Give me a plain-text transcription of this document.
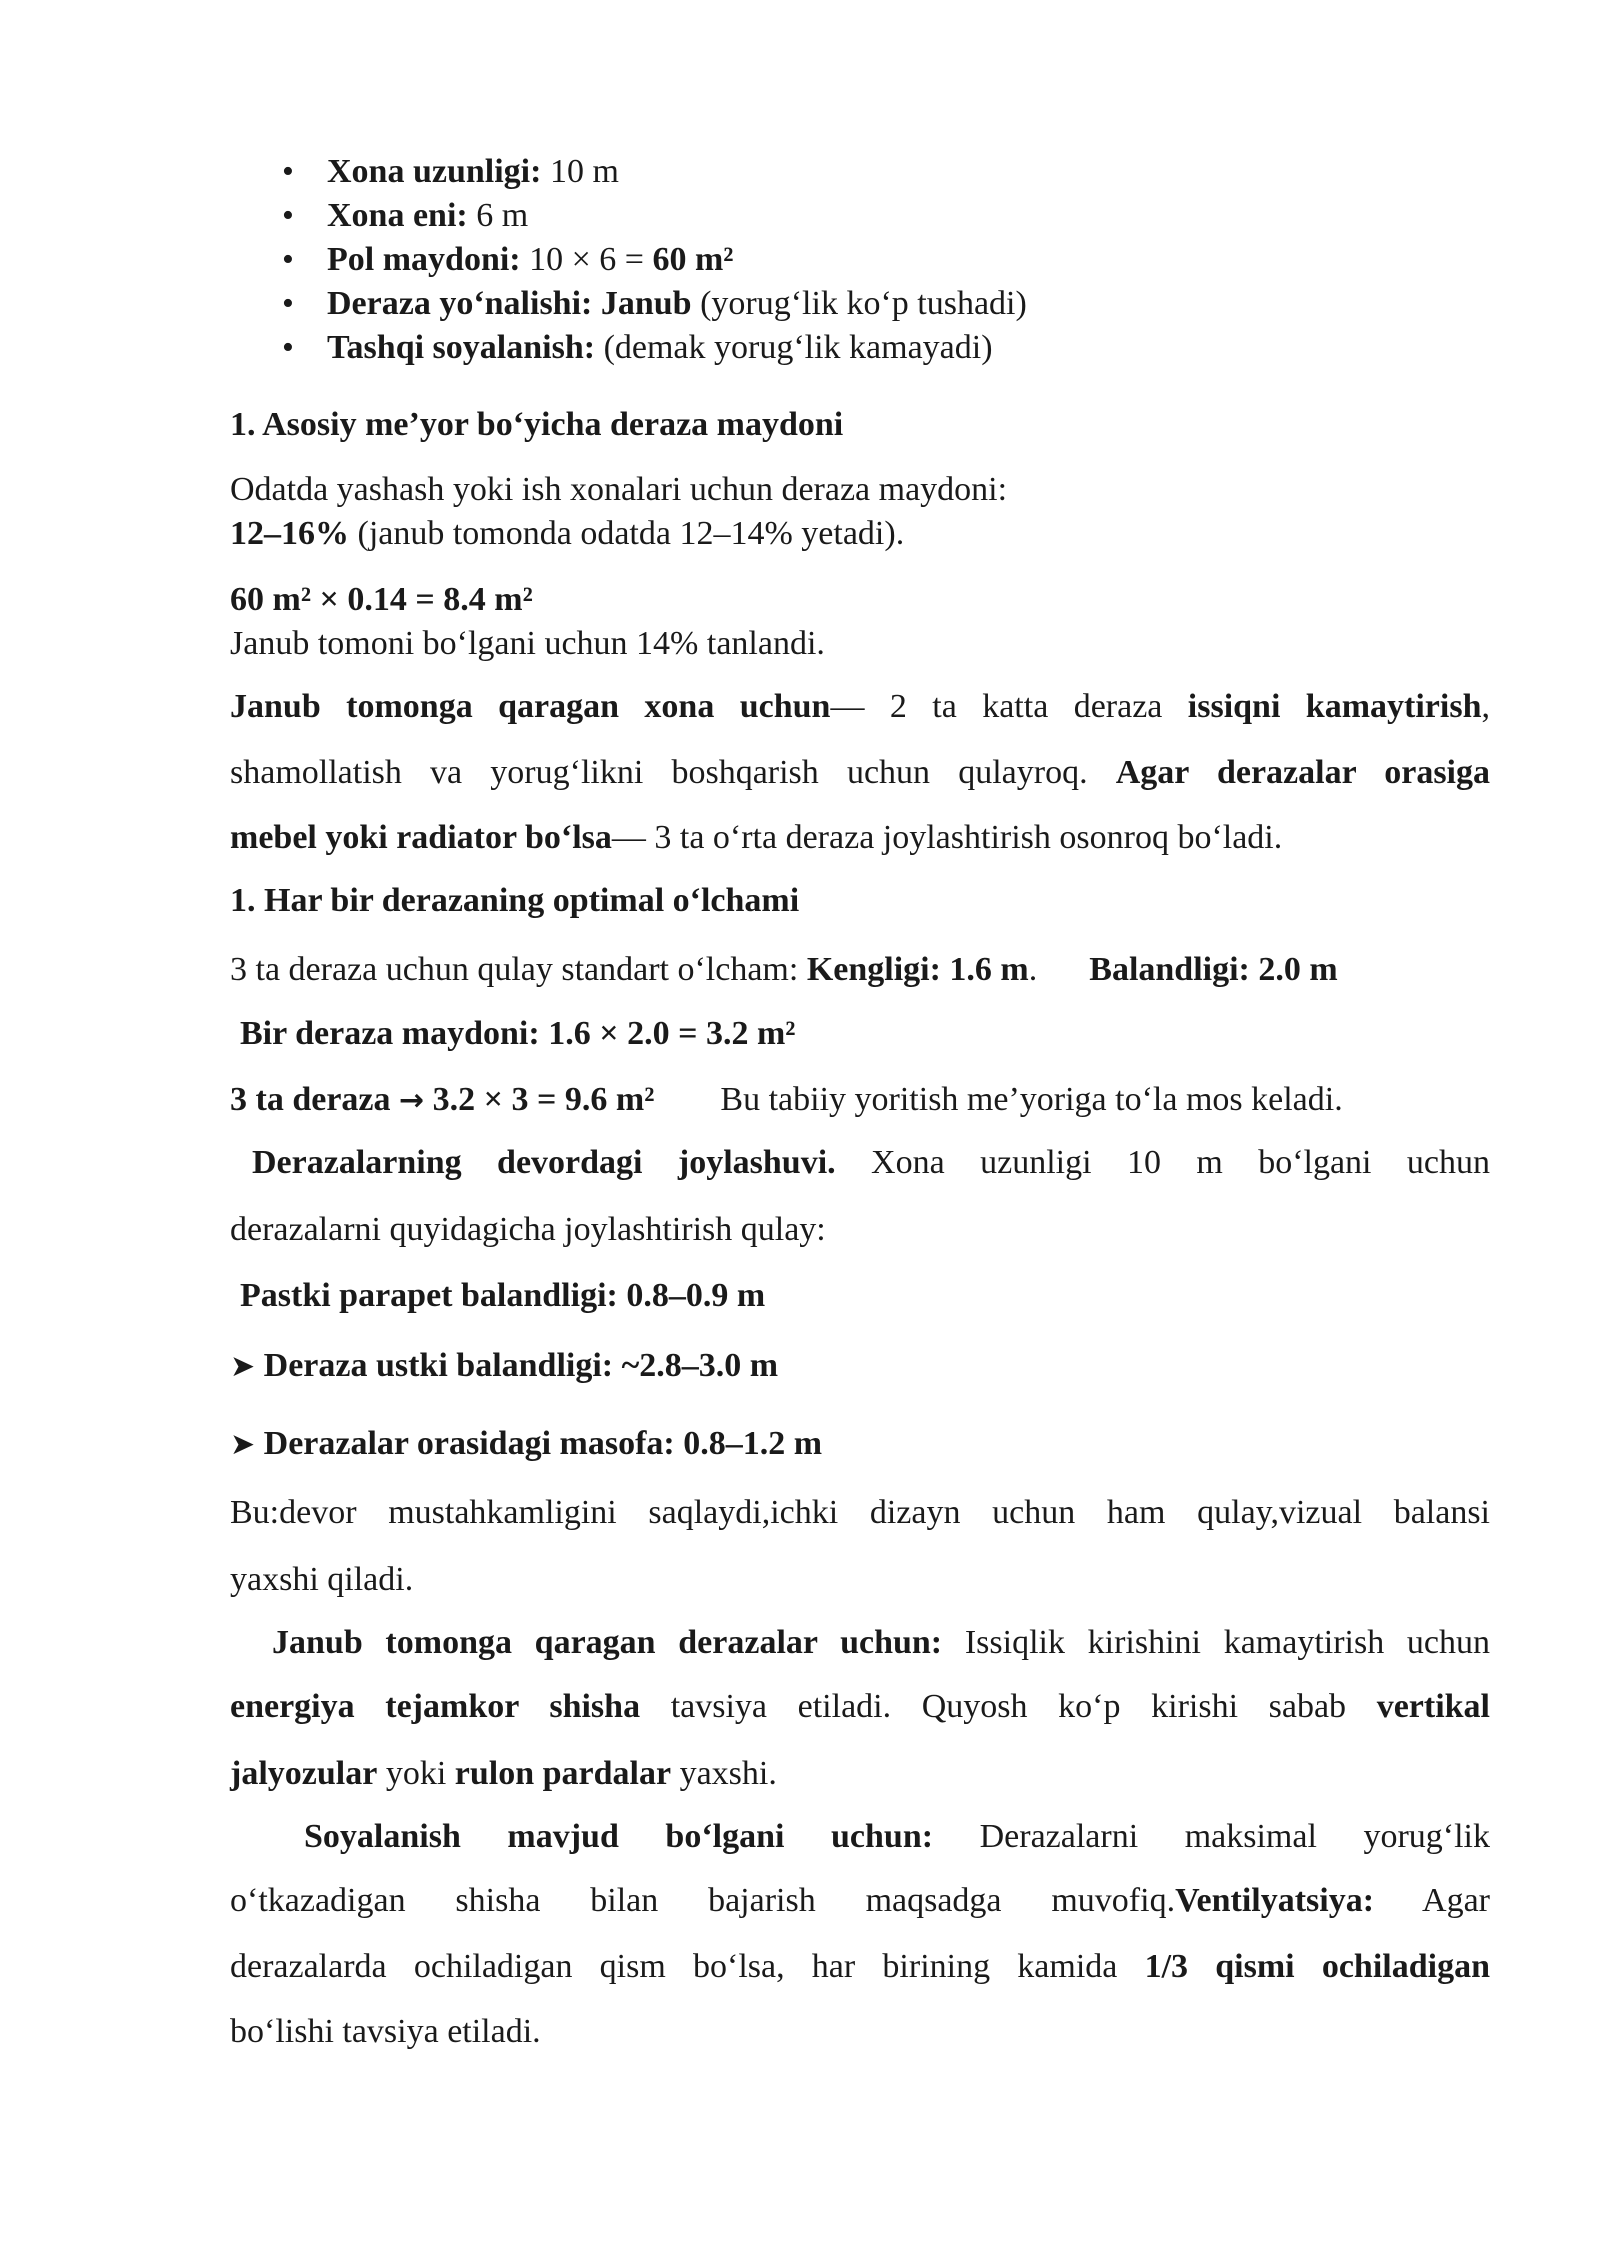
• Xona uzunligi: 10 m
• Xona eni: 6 m
• Pol maydoni: 10 × 6 = 60 m²
• Deraza yo‘nalishi: Janub (yorug‘lik ko‘p tushadi)
• Tashqi soyalanish: (demak yorug‘lik kamayadi)
1. Asosiy me’yor bo‘yicha deraza maydoni
Odatda yashash yoki ish xonalari uchun deraza maydoni:
12–16% (janub tomonda odatda 12–14% yetadi).
60 m² × 0.14 = 8.4 m²
Janub tomoni bo‘lgani uchun 14% tanlandi.
Janub tomonga qaragan xona uchun— 2 ta katta deraza issiqni kamaytirish,
shamollatish va yorug‘likni boshqarish uchun qulayroq. Agar derazalar orasiga
mebel yoki radiator bo‘lsa— 3 ta o‘rta deraza joylashtirish osonroq bo‘ladi.
1. Har bir derazaning optimal o‘lchami
3 ta deraza uchun qulay standart o‘lcham: Kengligi: 1.6 m. Balandligi: 2.0 m
Bir deraza maydoni: 1.6 × 2.0 = 3.2 m²
3 ta deraza → 3.2 × 3 = 9.6 m² Bu tabiiy yoritish me’yoriga to‘la mos keladi.
Derazalarning devordagi joylashuvi. Xona uzunligi 10 m bo‘lgani uchun
derazalarni quyidagicha joylashtirish qulay:
Pastki parapet balandligi: 0.8–0.9 m
➤ Deraza ustki balandligi: ~2.8–3.0 m
➤ Derazalar orasidagi masofa: 0.8–1.2 m
Bu:devor mustahkamligini saqlaydi,ichki dizayn uchun ham qulay,vizual balansi
yaxshi qiladi.
Janub tomonga qaragan derazalar uchun: Issiqlik kirishini kamaytirish uchun
energiya tejamkor shisha tavsiya etiladi. Quyosh ko‘p kirishi sabab vertikal
jalyozular yoki rulon pardalar yaxshi.
Soyalanish mavjud bo‘lgani uchun: Derazalarni maksimal yorug‘lik
o‘tkazadigan shisha bilan bajarish maqsadga muvofiq.Ventilyatsiya: Agar
derazalarda ochiladigan qism bo‘lsa, har birining kamida 1/3 qismi ochiladigan
bo‘lishi tavsiya etiladi.
